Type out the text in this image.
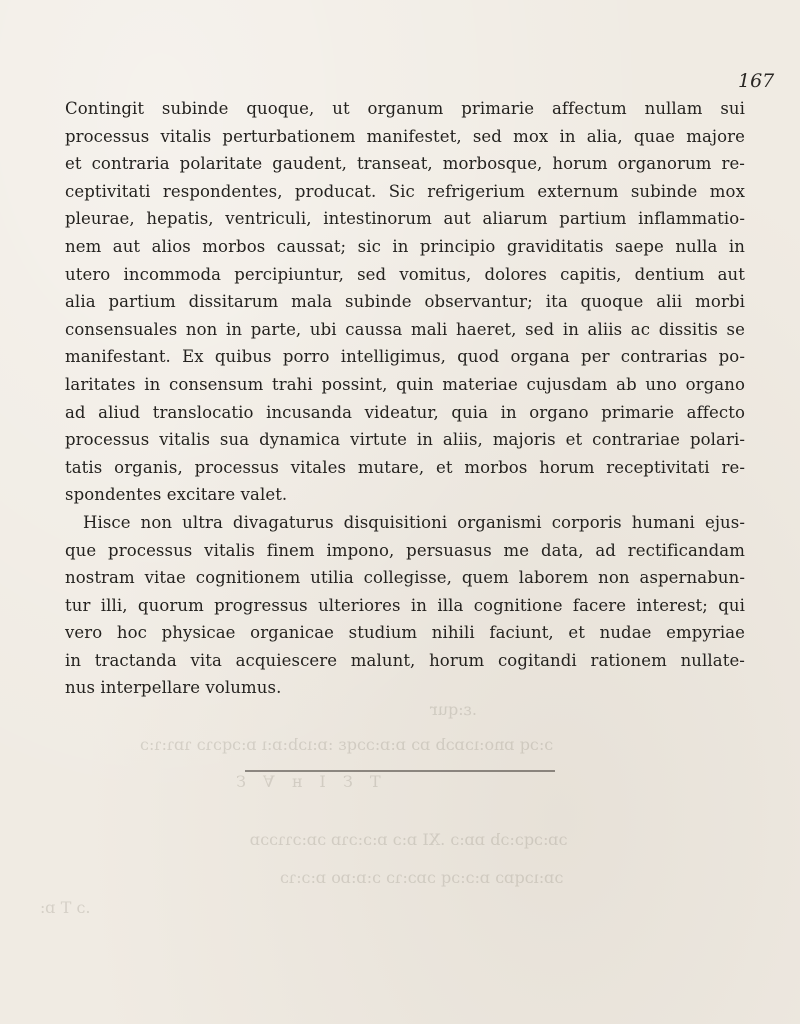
.ε:qur
ɔ:ɔq ɒno:ıɔɒɔb ɒɔ ɒ:ɒ:ɔɔqɛ :ɒ:ıɔb:ɒ:ı ɒ:ɔqɔɿɔ ɿɒɿ:ɿ:ɔ
T Ɛ I ʜ Ɐ Ɛ
ɔɒ:ɔqɔ:ɔb ɒɒ:ɔ .XI ɒ:ɔ ɒ:ɔ:ɔɿɒ ɔɒ:ɔɿɿɔɔɒ
ɔɒ:ıɔqɒɔ ɒ:ɔ:ɔq ɔɒɔ:ɿɔ ɔ:ɒ:ɒo ɒ:ɔ:ɿɔ
.ɔ T ɒ:
167
Contingit subinde quoque, ut organum primarie affectum nullam sui
processus vitalis perturbationem manifestet, sed mox in alia, quae majore
et contraria polaritate gaudent, transeat, morbosque, horum organorum re-
ceptivitati respondentes, producat. Sic refrigerium externum subinde mox
pleurae, hepatis, ventriculi, intestinorum aut aliarum partium inflammatio-
nem aut alios morbos caussat; sic in principio graviditatis saepe nulla in
utero incommoda percipiuntur, sed vomitus, dolores capitis, dentium aut
alia partium dissitarum mala subinde observantur; ita quoque alii morbi
consensuales non in parte, ubi caussa mali haeret, sed in aliis ac dissitis se
manifestant. Ex quibus porro intelligimus, quod organa per contrarias po-
laritates in consensum trahi possint, quin materiae cujusdam ab uno organo
ad aliud translocatio incusanda videatur, quia in organo primarie affecto
processus vitalis sua dynamica virtute in aliis, majoris et contrariae polari-
tatis organis, processus vitales mutare, et morbos horum receptivitati re-
spondentes excitare valet.
Hisce non ultra divagaturus disquisitioni organismi corporis humani ejus-
que processus vitalis finem impono, persuasus me data, ad rectificandam
nostram vitae cognitionem utilia collegisse, quem laborem non aspernabun-
tur illi, quorum progressus ulteriores in illa cognitione facere interest; qui
vero hoc physicae organicae studium nihili faciunt, et nudae empyriae
in tractanda vita acquiescere malunt, horum cogitandi rationem nullate-
nus interpellare volumus.
